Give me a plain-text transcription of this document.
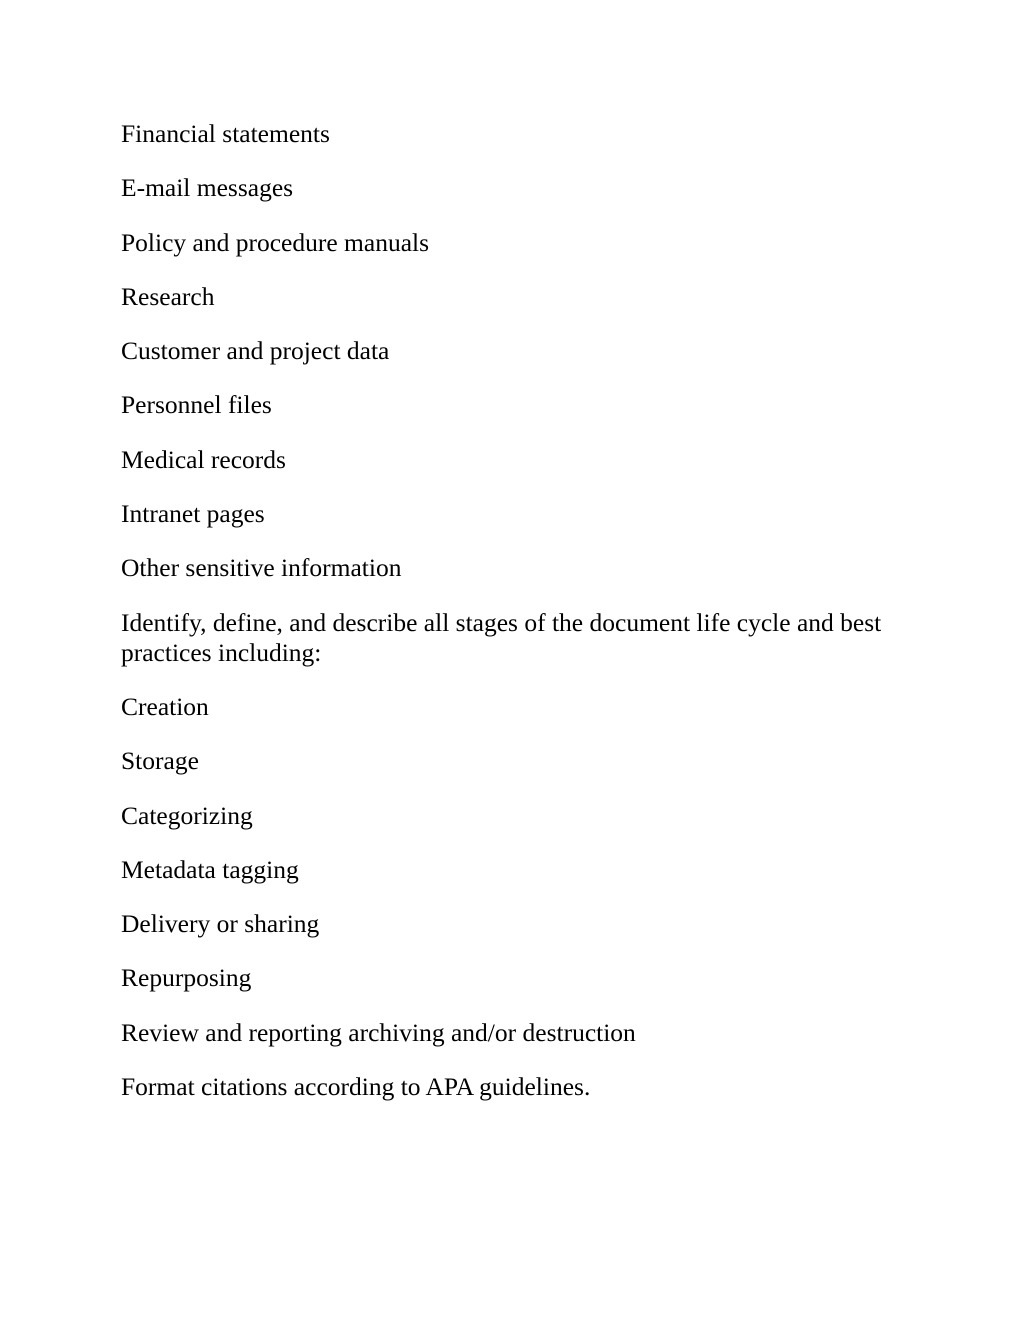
Financial statements

E-mail messages

Policy and procedure manuals

Research

Customer and project data

Personnel files

Medical records

Intranet pages

Other sensitive information

Identify, define, and describe all stages of the document life cycle and best practices including:

Creation

Storage

Categorizing

Metadata tagging

Delivery or sharing

Repurposing

Review and reporting archiving and/or destruction

Format citations according to APA guidelines.
